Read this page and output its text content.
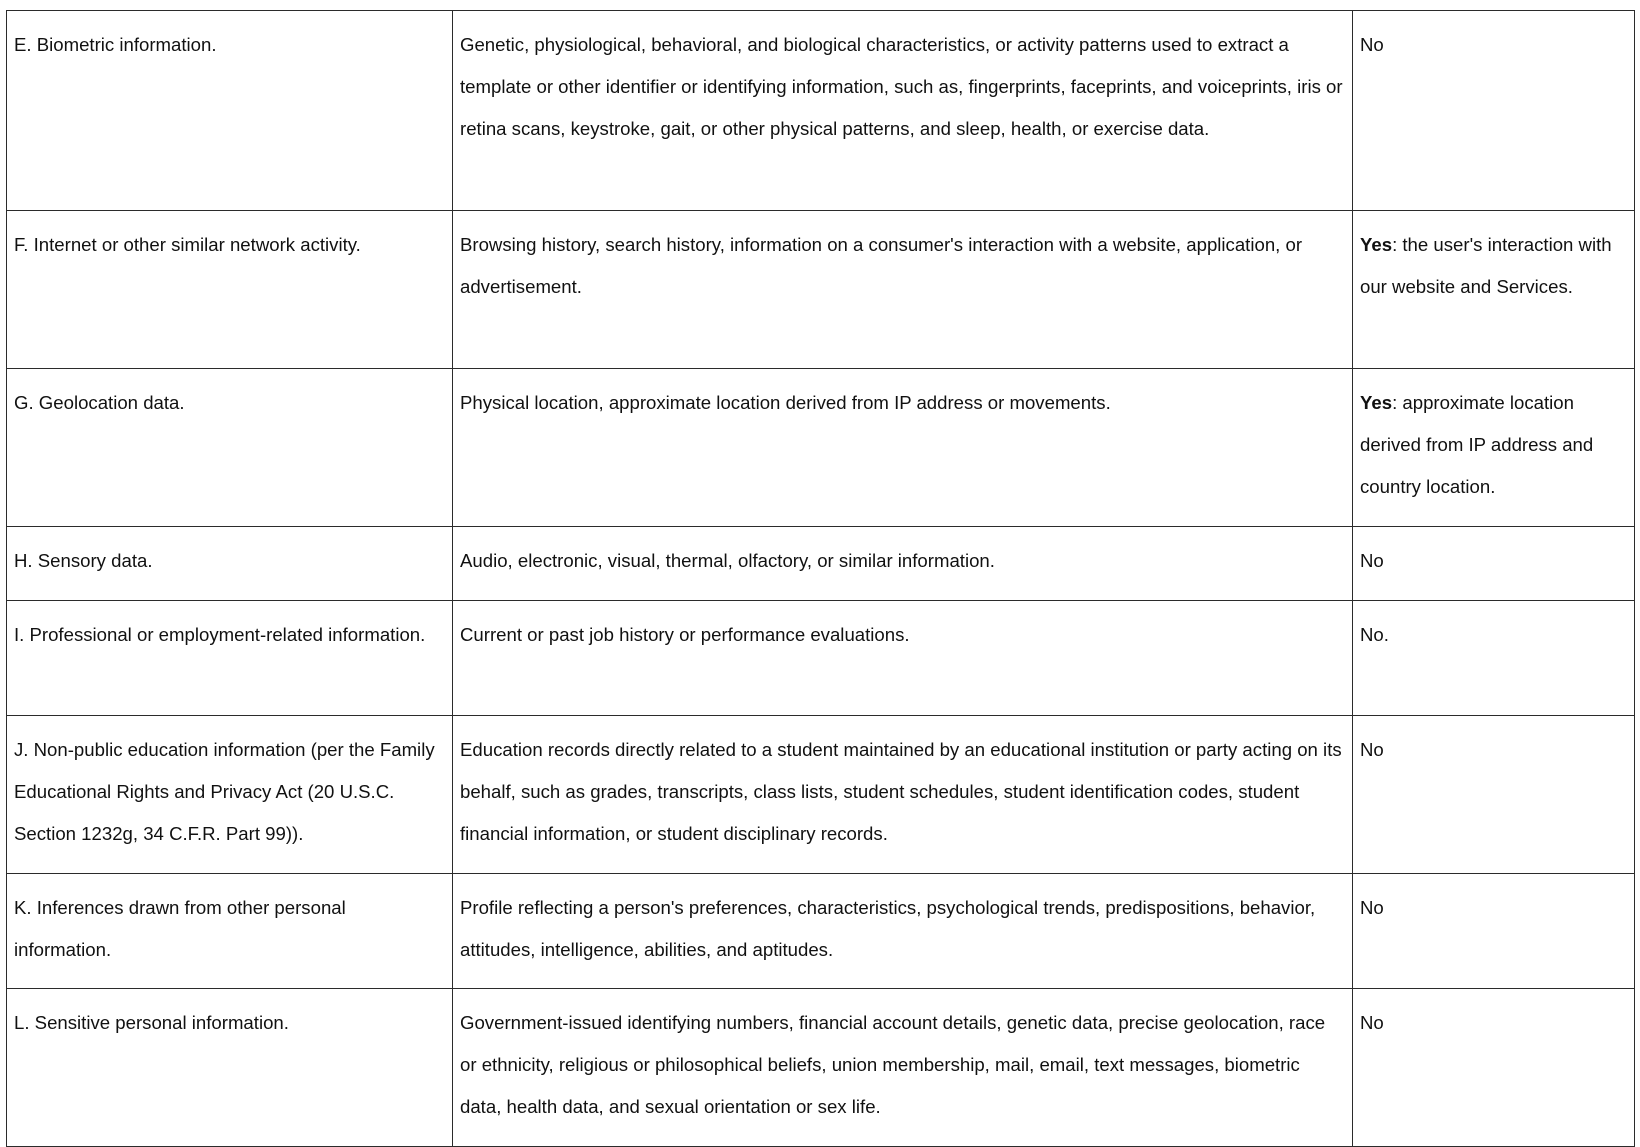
E. Biometric information.	Genetic, physiological, behavioral, and biological characteristics, or activity patterns used to extract a template or other identifier or identifying information, such as, fingerprints, faceprints, and voiceprints, iris or retina scans, keystroke, gait, or other physical patterns, and sleep, health, or exercise data.	No
F. Internet or other similar network activity.	Browsing history, search history, information on a consumer's interaction with a website, application, or advertisement.	Yes: the user's interaction with our website and Services.
G. Geolocation data.	Physical location, approximate location derived from IP address or movements.	Yes: approximate location derived from IP address and country location.
H. Sensory data.	Audio, electronic, visual, thermal, olfactory, or similar information.	No
I. Professional or employment-related information.	Current or past job history or performance evaluations.	No.
J. Non-public education information (per the Family Educational Rights and Privacy Act (20 U.S.C. Section 1232g, 34 C.F.R. Part 99)).	Education records directly related to a student maintained by an educational institution or party acting on its behalf, such as grades, transcripts, class lists, student schedules, student identification codes, student financial information, or student disciplinary records.	No
K. Inferences drawn from other personal information.	Profile reflecting a person's preferences, characteristics, psychological trends, predispositions, behavior, attitudes, intelligence, abilities, and aptitudes.	No
L. Sensitive personal information.	Government-issued identifying numbers, financial account details, genetic data, precise geolocation, race or ethnicity, religious or philosophical beliefs, union membership, mail, email, text messages, biometric data, health data, and sexual orientation or sex life.	No
